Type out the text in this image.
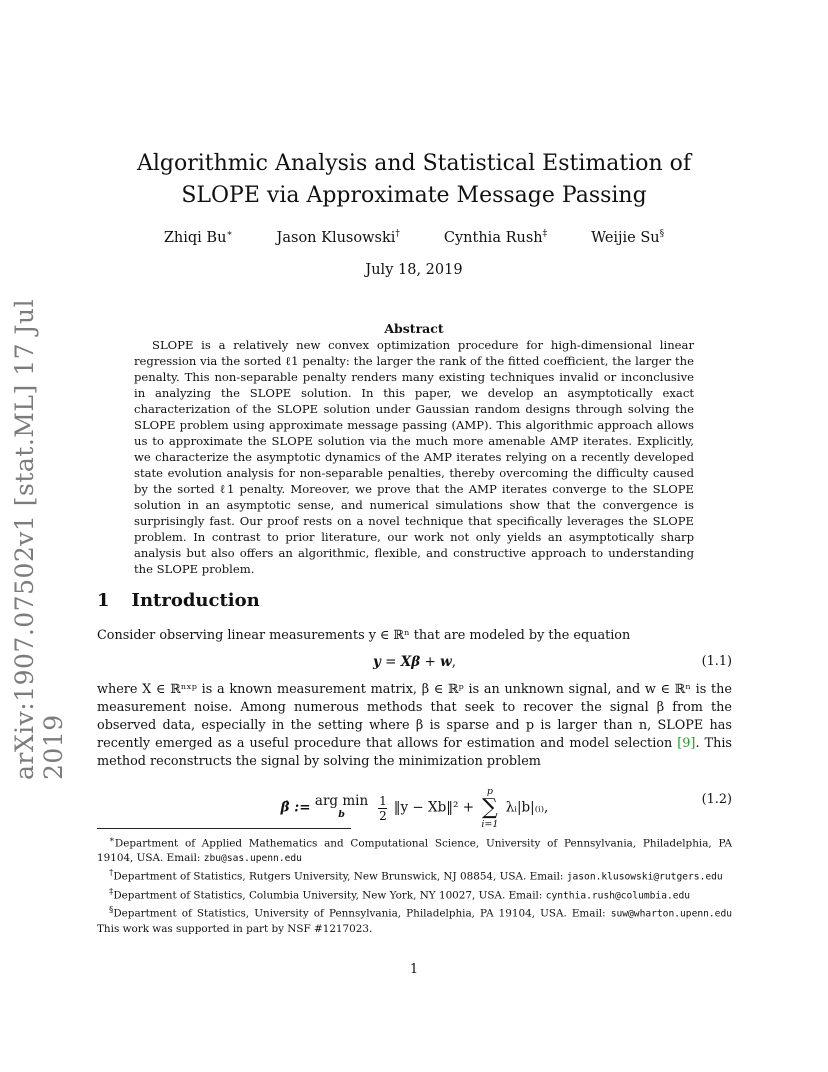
arXiv:1907.07502v1 [stat.ML] 17 Jul 2019
Algorithmic Analysis and Statistical Estimation of SLOPE via Approximate Message Passing
Zhiqi Bu∗	Jason Klusowski†	Cynthia Rush‡	Weijie Su§
July 18, 2019
Abstract

SLOPE is a relatively new convex optimization procedure for high-dimensional linear regression via the sorted ℓ1 penalty: the larger the rank of the fitted coefficient, the larger the penalty. This non-separable penalty renders many existing techniques invalid or inconclusive in analyzing the SLOPE solution. In this paper, we develop an asymptotically exact characterization of the SLOPE solution under Gaussian random designs through solving the SLOPE problem using approximate message passing (AMP). This algorithmic approach allows us to approximate the SLOPE solution via the much more amenable AMP iterates. Explicitly, we characterize the asymptotic dynamics of the AMP iterates relying on a recently developed state evolution analysis for non-separable penalties, thereby overcoming the difficulty caused by the sorted ℓ1 penalty. Moreover, we prove that the AMP iterates converge to the SLOPE solution in an asymptotic sense, and numerical simulations show that the convergence is surprisingly fast. Our proof rests on a novel technique that specifically leverages the SLOPE problem. In contrast to prior literature, our work not only yields an asymptotically sharp analysis but also offers an algorithmic, flexible, and constructive approach to understanding the SLOPE problem.

1 Introduction

Consider observing linear measurements y ∈ ℝⁿ that are modeled by the equation

y = Xβ + w,	(1.1)

where X ∈ ℝⁿˣᵖ is a known measurement matrix, β ∈ ℝᵖ is an unknown signal, and w ∈ ℝⁿ is the measurement noise. Among numerous methods that seek to recover the signal β from the observed data, especially in the setting where β is sparse and p is larger than n, SLOPE has recently emerged as a useful procedure that allows for estimation and model selection [9]. This method reconstructs the signal by solving the minimization problem

β̂ := arg min
b
	$\frac{1}{2}$ ‖y − Xb‖² +
p
∑
i=1
λᵢ|b|₍ᵢ₎,	(1.2)

∗Department of Applied Mathematics and Computational Science, University of Pennsylvania, Philadelphia, PA 19104, USA. Email: zbu@sas.upenn.edu

†Department of Statistics, Rutgers University, New Brunswick, NJ 08854, USA. Email: jason.klusowski@rutgers.edu

‡Department of Statistics, Columbia University, New York, NY 10027, USA. Email: cynthia.rush@columbia.edu

§Department of Statistics, University of Pennsylvania, Philadelphia, PA 19104, USA. Email: suw@wharton.upenn.edu This work was supported in part by NSF #1217023.

1
